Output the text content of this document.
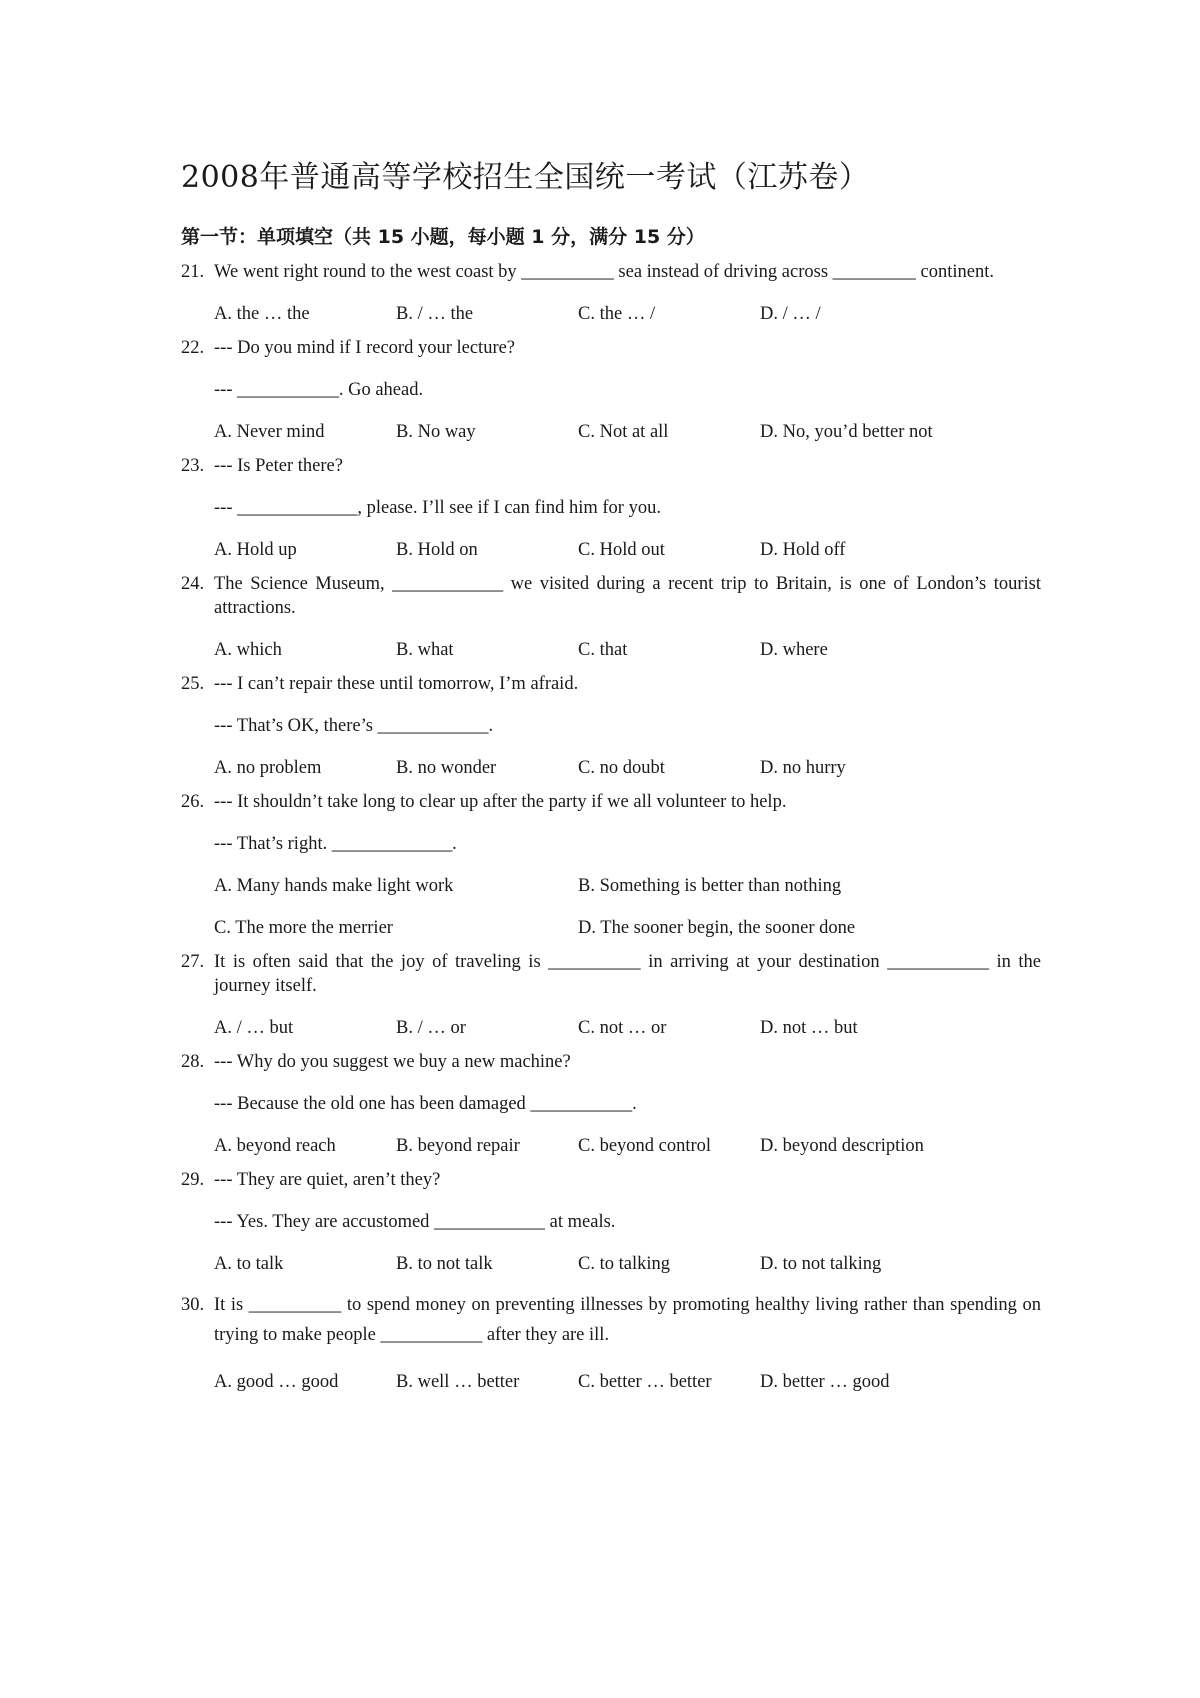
2008年普通高等学校招生全国统一考试（江苏卷）
第一节：单项填空（共 15 小题，每小题 1 分，满分 15 分）
21. We went right round to the west coast by __________ sea instead of driving across _________ continent.
A. the … the	B. / … the	C. the … /	D. / … /
22. --- Do you mind if I record your lecture?
--- ___________. Go ahead.
A. Never mind	B. No way	C. Not at all	D. No, you’d better not
23. --- Is Peter there?
--- _____________, please. I’ll see if I can find him for you.
A. Hold up	B. Hold on	C. Hold out	D. Hold off
24. The Science Museum, ____________ we visited during a recent trip to Britain, is one of London’s tourist attractions.
A. which	B. what	C. that	D. where
25. --- I can’t repair these until tomorrow, I’m afraid.
--- That’s OK, there’s ____________.
A. no problem	B. no wonder	C. no doubt	D. no hurry
26. --- It shouldn’t take long to clear up after the party if we all volunteer to help.
--- That’s right. _____________.
A. Many hands make light work	B. Something is better than nothing
C. The more the merrier	D. The sooner begin, the sooner done
27. It is often said that the joy of traveling is __________ in arriving at your destination ___________ in the journey itself.
A. / … but	B. / … or	C. not … or	D. not … but
28. --- Why do you suggest we buy a new machine?
--- Because the old one has been damaged ___________.
A. beyond reach	B. beyond repair	C. beyond control	D. beyond description
29. --- They are quiet, aren’t they?
--- Yes. They are accustomed ____________ at meals.
A. to talk	B. to not talk	C. to talking	D. to not talking
30. It is __________ to spend money on preventing illnesses by promoting healthy living rather than spending on trying to make people ___________ after they are ill.
A. good … good	B. well … better	C. better … better	D. better … good
